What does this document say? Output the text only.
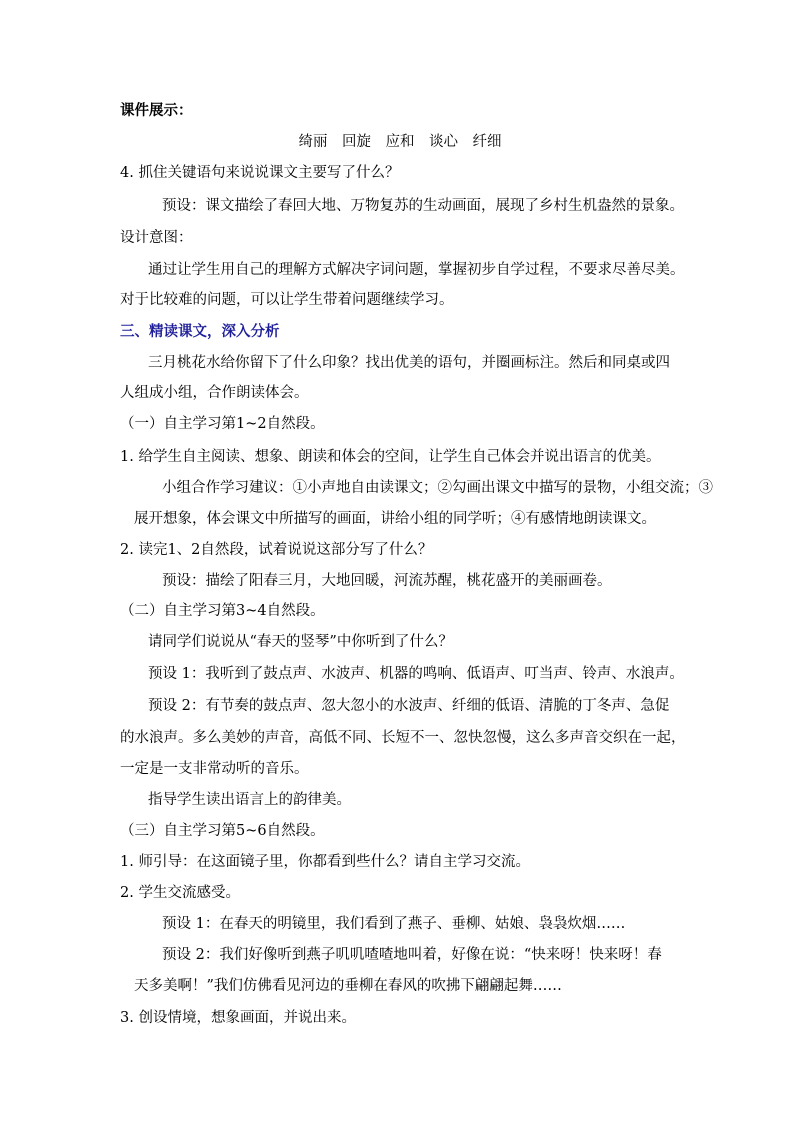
课件展示：
绮丽　回旋　应和　谈心　纤细
4. 抓住关键语句来说说课文主要写了什么？
预设：课文描绘了春回大地、万物复苏的生动画面，展现了乡村生机盎然的景象。
设计意图：
通过让学生用自己的理解方式解决字词问题，掌握初步自学过程，不要求尽善尽美。
对于比较难的问题，可以让学生带着问题继续学习。
三、精读课文，深入分析
三月桃花水给你留下了什么印象？找出优美的语句，并圈画标注。然后和同桌或四
人组成小组，合作朗读体会。
（一）自主学习第1~2自然段。
1. 给学生自主阅读、想象、朗读和体会的空间，让学生自己体会并说出语言的优美。
小组合作学习建议：①小声地自由读课文；②勾画出课文中描写的景物，小组交流；③
展开想象，体会课文中所描写的画面，讲给小组的同学听；④有感情地朗读课文。
2. 读完1、2自然段，试着说说这部分写了什么？
预设：描绘了阳春三月，大地回暖，河流苏醒，桃花盛开的美丽画卷。
（二）自主学习第3~4自然段。
请同学们说说从“春天的竖琴”中你听到了什么？
预设 1：我听到了鼓点声、水波声、机器的鸣响、低语声、叮当声、铃声、水浪声。
预设 2：有节奏的鼓点声、忽大忽小的水波声、纤细的低语、清脆的丁冬声、急促
的水浪声。多么美妙的声音，高低不同、长短不一、忽快忽慢，这么多声音交织在一起，
一定是一支非常动听的音乐。
指导学生读出语言上的韵律美。
（三）自主学习第5~6自然段。
1. 师引导：在这面镜子里，你都看到些什么？请自主学习交流。
2. 学生交流感受。
预设 1：在春天的明镜里，我们看到了燕子、垂柳、姑娘、袅袅炊烟……
预设 2：我们好像听到燕子叽叽喳喳地叫着，好像在说：“快来呀！快来呀！春
天多美啊！”我们仿佛看见河边的垂柳在春风的吹拂下翩翩起舞……
3. 创设情境，想象画面，并说出来。
